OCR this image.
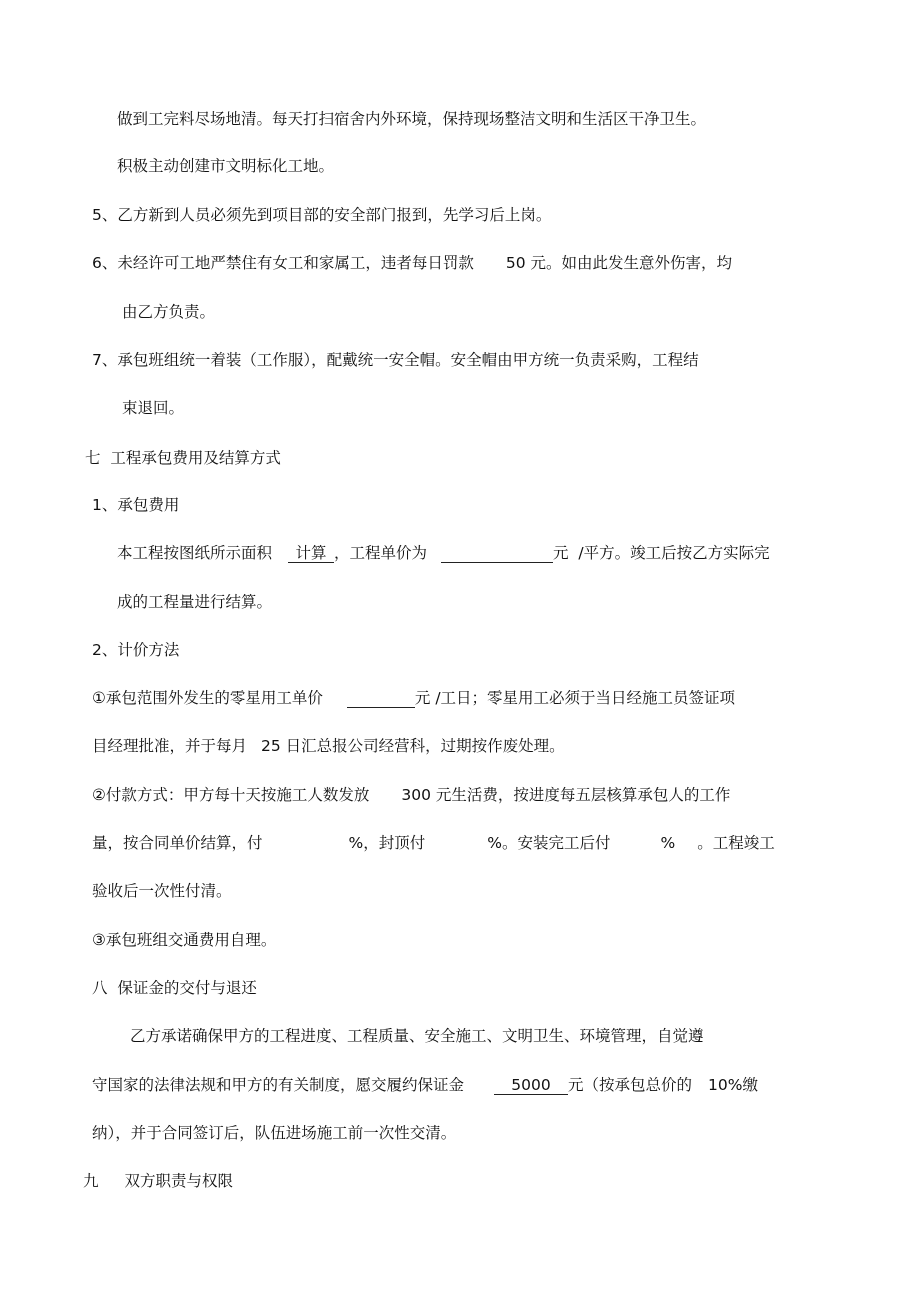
做到工完料尽场地清。每天打扫宿舍内外环境，保持现场整洁文明和生活区干净卫生。
积极主动创建市文明标化工地。
5、乙方新到人员必须先到项目部的安全部门报到，先学习后上岗。
6、未经许可工地严禁住有女工和家属工，违者每日罚款 50 元。如由此发生意外伤害，均
由乙方负责。
7、承包班组统一着装（工作服），配戴统一安全帽。安全帽由甲方统一负责采购，工程结
束退回。
七  工程承包费用及结算方式
1、承包费用
本工程按图纸所示面积 计算 ，工程单价为	元  /平方。竣工后按乙方实际完
成的工程量进行结算。
2、计价方法
①承包范围外发生的零星用工单价	元 /工日；零星用工必须于当日经施工员签证项
目经理批准，并于每月 25 日汇总报公司经营科，过期按作废处理。
②付款方式：甲方每十天按施工人数发放 300 元生活费，按进度每五层核算承包人的工作
量，按合同单价结算，付	%，封顶付	%。安装完工后付	% 。工程竣工
验收后一次性付清。
③承包班组交通费用自理。
八  保证金的交付与退还
乙方承诺确保甲方的工程进度、工程质量、安全施工、文明卫生、环境管理，自觉遵
守国家的法律法规和甲方的有关制度，愿交履约保证金	5000 元（按承包总价的 10%缴
纳），并于合同签订后，队伍进场施工前一次性交清。
九 双方职责与权限
